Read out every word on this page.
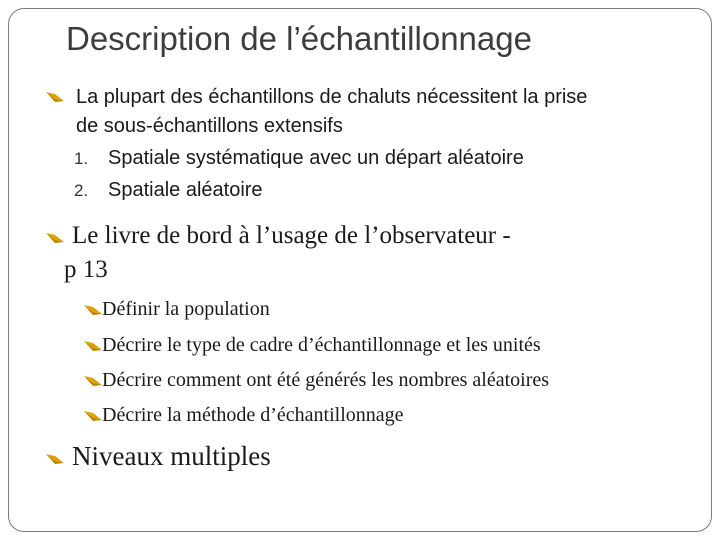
Description de l’échantillonnage
La plupart des échantillons de chaluts nécessitent la prise
de sous-échantillons extensifs
1. Spatiale systématique avec un départ aléatoire
2. Spatiale aléatoire
Le livre de bord à l’usage de l’observateur -
p 13
Définir la population
Décrire le type de cadre d’échantillonnage et les unités
Décrire comment ont été générés les nombres aléatoires
Décrire la méthode d’échantillonnage
Niveaux multiples
